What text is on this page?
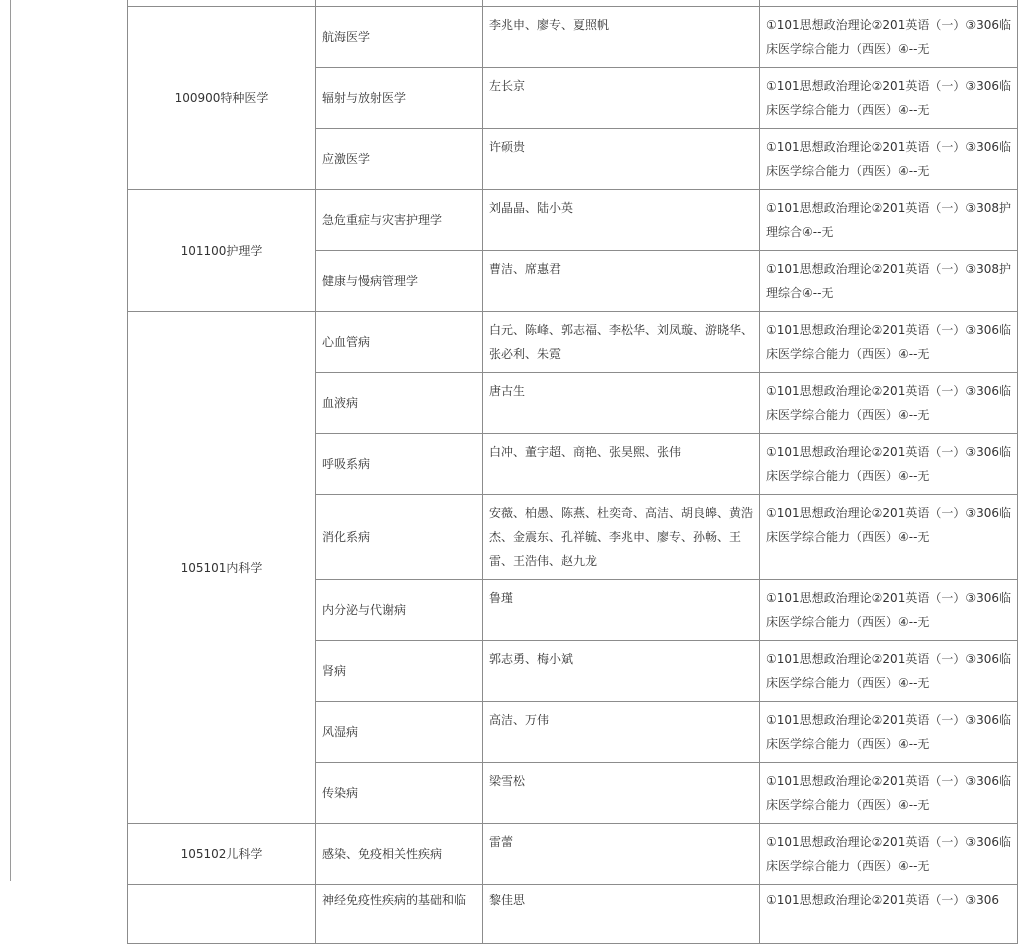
100900特种医学	航海医学	李兆申、廖专、夏照帆	①101思想政治理论②201英语（一）③306临床医学综合能力（西医）④--无
	辐射与放射医学	左长京	①101思想政治理论②201英语（一）③306临床医学综合能力（西医）④--无
	应激医学	许硕贵	①101思想政治理论②201英语（一）③306临床医学综合能力（西医）④--无
101100护理学	急危重症与灾害护理学	刘晶晶、陆小英	①101思想政治理论②201英语（一）③308护理综合④--无
	健康与慢病管理学	曹洁、席惠君	①101思想政治理论②201英语（一）③308护理综合④--无
105101内科学	心血管病	白元、陈峰、郭志福、李松华、刘凤璇、游晓华、张必利、朱霓	①101思想政治理论②201英语（一）③306临床医学综合能力（西医）④--无
	血液病	唐古生	①101思想政治理论②201英语（一）③306临床医学综合能力（西医）④--无
	呼吸系病	白冲、董宇超、商艳、张昊熙、张伟	①101思想政治理论②201英语（一）③306临床医学综合能力（西医）④--无
	消化系病	安薇、柏愚、陈燕、杜奕奇、高洁、胡良皞、黄浩杰、金震东、孔祥毓、李兆申、廖专、孙畅、王雷、王浩伟、赵九龙	①101思想政治理论②201英语（一）③306临床医学综合能力（西医）④--无
	内分泌与代谢病	鲁瑾	①101思想政治理论②201英语（一）③306临床医学综合能力（西医）④--无
	肾病	郭志勇、梅小斌	①101思想政治理论②201英语（一）③306临床医学综合能力（西医）④--无
	风湿病	高洁、万伟	①101思想政治理论②201英语（一）③306临床医学综合能力（西医）④--无
	传染病	梁雪松	①101思想政治理论②201英语（一）③306临床医学综合能力（西医）④--无
105102儿科学	感染、免疫相关性疾病	雷蕾	①101思想政治理论②201英语（一）③306临床医学综合能力（西医）④--无
	神经免疫性疾病的基础和临	黎佳思	①101思想政治理论②201英语（一）③306
